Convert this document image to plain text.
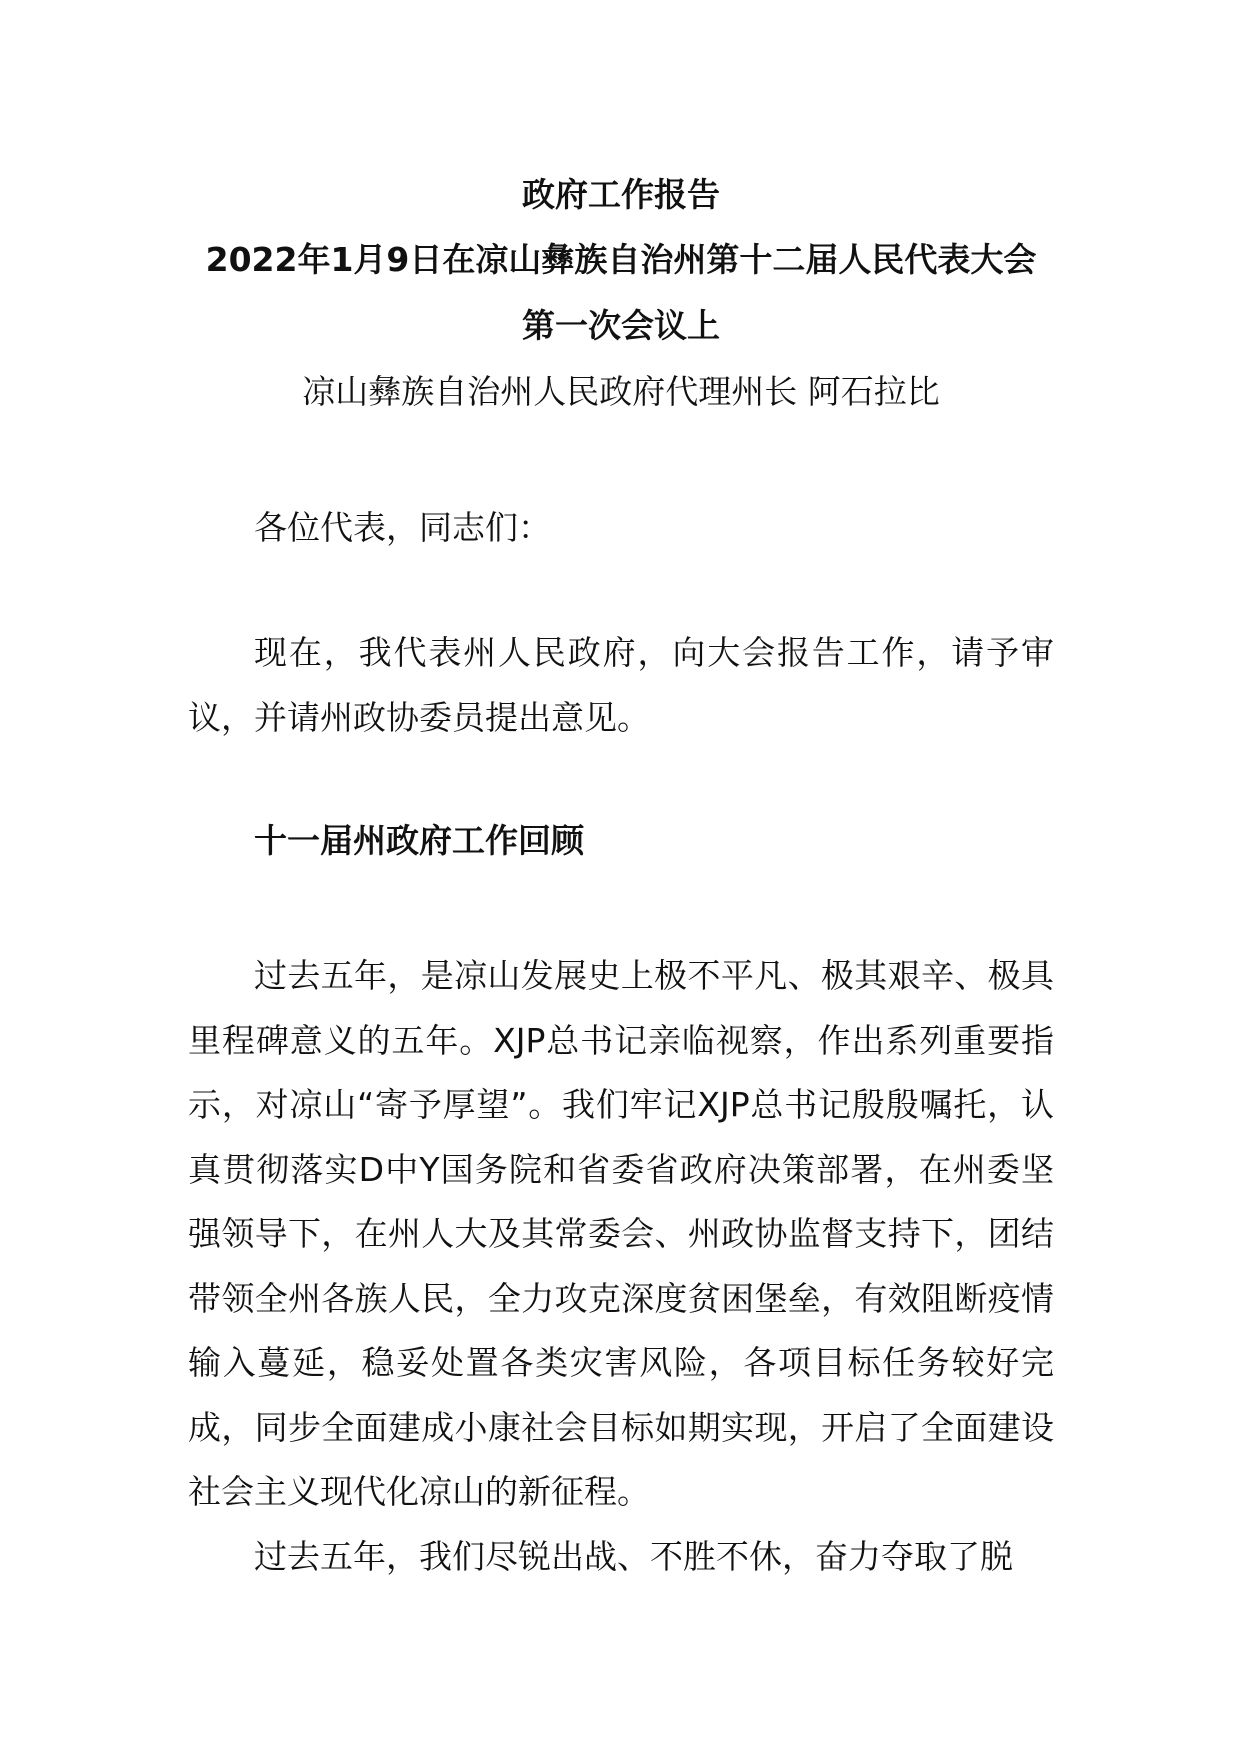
政府工作报告
2022年1月9日在凉山彝族自治州第十二届人民代表大会
第一次会议上
凉山彝族自治州人民政府代理州长 阿石拉比

各位代表，同志们：

现在，我代表州人民政府，向大会报告工作，请予审议，并请州政协委员提出意见。

十一届州政府工作回顾

过去五年，是凉山发展史上极不平凡、极其艰辛、极具里程碑意义的五年。XJP总书记亲临视察，作出系列重要指示，对凉山“寄予厚望”。我们牢记XJP总书记殷殷嘱托，认真贯彻落实D中Y国务院和省委省政府决策部署，在州委坚强领导下，在州人大及其常委会、州政协监督支持下，团结带领全州各族人民，全力攻克深度贫困堡垒，有效阻断疫情输入蔓延，稳妥处置各类灾害风险，各项目标任务较好完成，同步全面建成小康社会目标如期实现，开启了全面建设社会主义现代化凉山的新征程。

过去五年，我们尽锐出战、不胜不休，奋力夺取了脱
